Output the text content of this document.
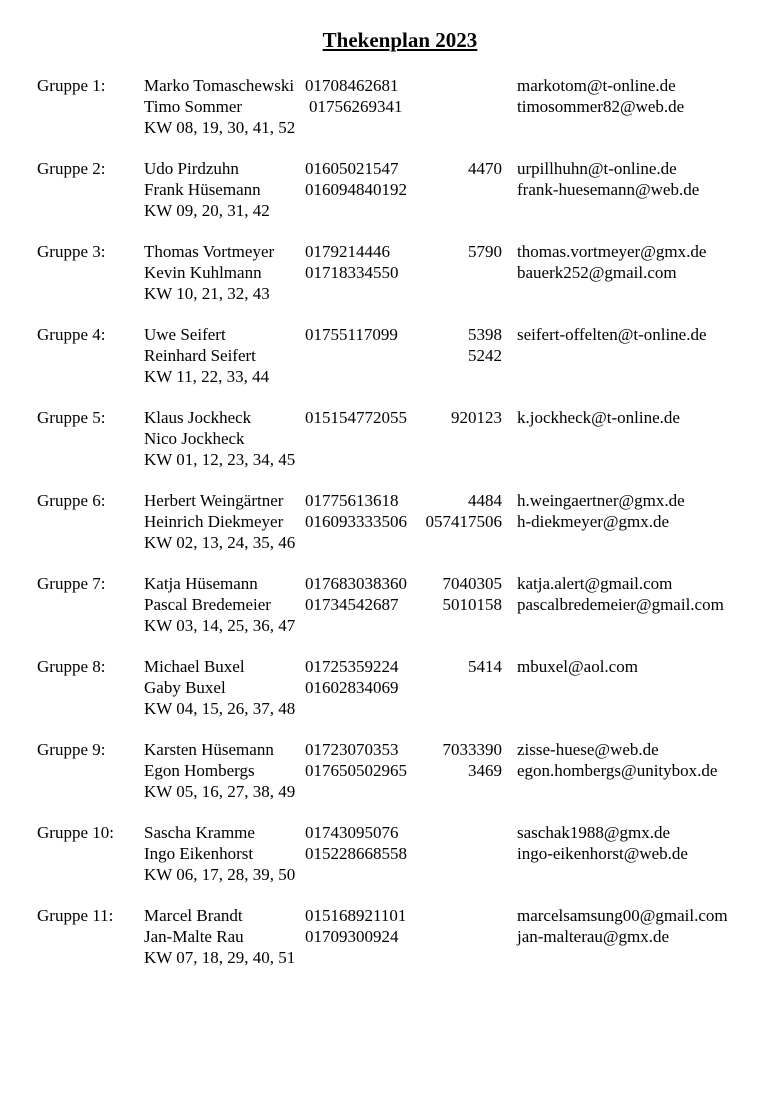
Thekenplan 2023
Gruppe 1: Marko Tomaschewski 01708462681	markotom@t-online.de
Timo Sommer	01756269341	timosommer82@web.de
KW 08, 19, 30, 41, 52
Gruppe 2: Udo Pirdzuhn	01605021547	4470 urpillhuhn@t-online.de
Frank Hüsemann	016094840192	frank-huesemann@web.de
KW 09, 20, 31, 42
Gruppe 3: Thomas Vortmeyer 0179214446	5790 thomas.vortmeyer@gmx.de
Kevin Kuhlmann	01718334550	bauerk252@gmail.com
KW 10, 21, 32, 43
Gruppe 4: Uwe Seifert	01755117099	5398 seifert-offelten@t-online.de
Reinhard Seifert	5242
KW 11, 22, 33, 44
Gruppe 5: Klaus Jockheck	015154772055	920123 k.jockheck@t-online.de
Nico Jockheck
KW 01, 12, 23, 34, 45
Gruppe 6: Herbert Weingärtner 01775613618	4484 h.weingaertner@gmx.de
Heinrich Diekmeyer 016093333506	057417506 h-diekmeyer@gmx.de
KW 02, 13, 24, 35, 46
Gruppe 7: Katja Hüsemann	017683038360	7040305 katja.alert@gmail.com
Pascal Bredemeier 01734542687	5010158 pascalbredemeier@gmail.com
KW 03, 14, 25, 36, 47
Gruppe 8: Michael Buxel	01725359224	5414 mbuxel@aol.com
Gaby Buxel	01602834069
KW 04, 15, 26, 37, 48
Gruppe 9: Karsten Hüsemann 01723070353	7033390 zisse-huese@web.de
Egon Hombergs	017650502965	3469 egon.hombergs@unitybox.de
KW 05, 16, 27, 38, 49
Gruppe 10: Sascha Kramme	01743095076	saschak1988@gmx.de
Ingo Eikenhorst	015228668558	ingo-eikenhorst@web.de
KW 06, 17, 28, 39, 50
Gruppe 11: Marcel Brandt	015168921101	marcelsamsung00@gmail.com
Jan-Malte Rau	01709300924	jan-malterau@gmx.de
KW 07, 18, 29, 40, 51
